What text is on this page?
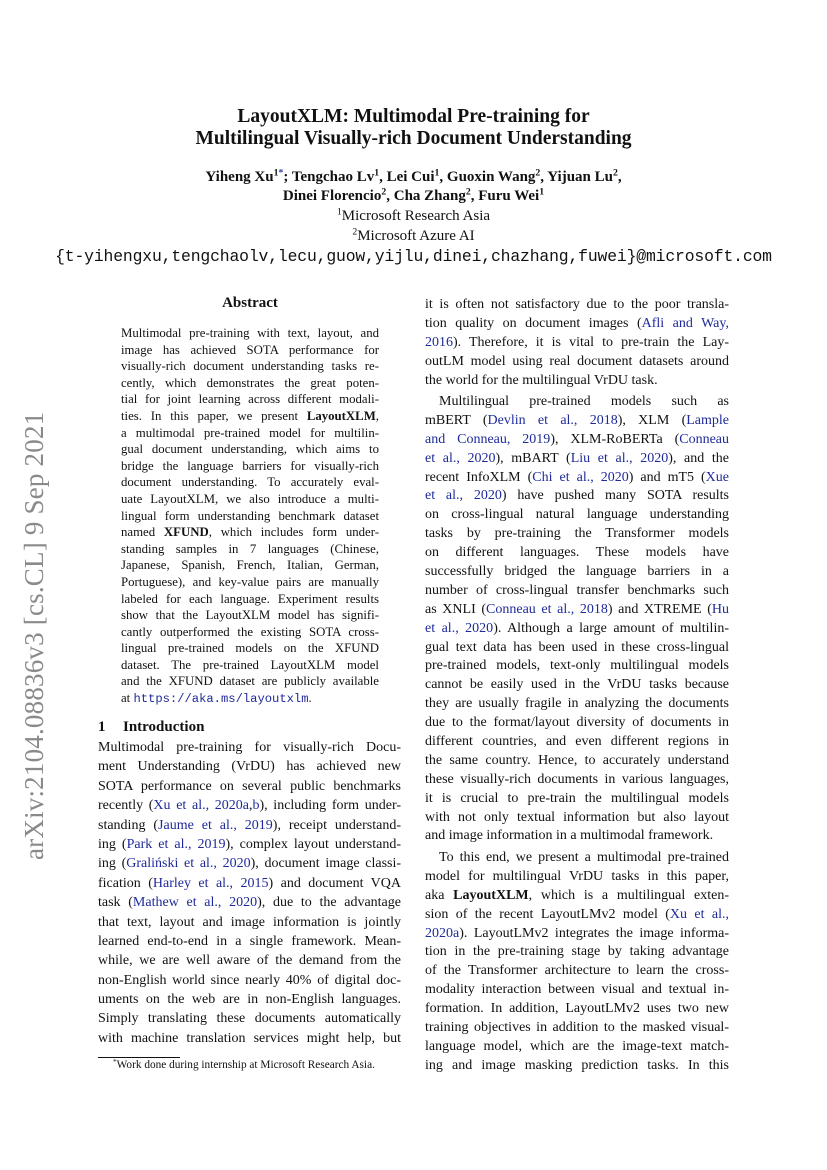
arXiv:2104.08836v3 [cs.CL] 9 Sep 2021
LayoutXLM: Multimodal Pre-training for
Multilingual Visually-rich Document Understanding
Yiheng $Xu^{1*}$; Tengchao Lv$^1$, Lei Cui$^1$, Guoxin Wang$^2$, Yijuan Lu$^2$,
Dinei Florencio$^2$, Cha Zhang$^2$, Furu Wei$^1$
$^1$Microsoft Research Asia
$^2$Microsoft Azure AI
{t-yihengxu,tengchaolv,lecu,guow,yijlu,dinei,chazhang,fuwei}@microsoft.com
Abstract
Multimodal pre-training with text, layout, and
image has achieved SOTA performance for
visually-rich document understanding tasks re-
cently, which demonstrates the great poten-
tial for joint learning across different modali-
ties. In this paper, we present LayoutXLM,
a multimodal pre-trained model for multilin-
gual document understanding, which aims to
bridge the language barriers for visually-rich
document understanding. To accurately eval-
uate LayoutXLM, we also introduce a multi-
lingual form understanding benchmark dataset
named XFUND, which includes form under-
standing samples in 7 languages (Chinese,
Japanese, Spanish, French, Italian, German,
Portuguese), and key-value pairs are manually
labeled for each language. Experiment results
show that the LayoutXLM model has signifi-
cantly outperformed the existing SOTA cross-
lingual pre-trained models on the XFUND
dataset. The pre-trained LayoutXLM model
and the XFUND dataset are publicly available
at https://aka.ms/layoutxlm.
1 Introduction
Multimodal pre-training for visually-rich Docu-
ment Understanding (VrDU) has achieved new
SOTA performance on several public benchmarks
recently (Xu et al., 2020a,b), including form under-
standing (Jaume et al., 2019), receipt understand-
ing (Park et al., 2019), complex layout understand-
ing (Graliński et al., 2020), document image classi-
fication (Harley et al., 2015) and document VQA
task (Mathew et al., 2020), due to the advantage
that text, layout and image information is jointly
learned end-to-end in a single framework. Mean-
while, we are well aware of the demand from the
non-English world since nearly 40% of digital doc-
uments on the web are in non-English languages.
Simply translating these documents automatically
with machine translation services might help, but
it is often not satisfactory due to the poor transla-
tion quality on document images (Afli and Way,
2016). Therefore, it is vital to pre-train the Lay-
outLM model using real document datasets around
the world for the multilingual VrDU task.
Multilingual pre-trained models such as
mBERT (Devlin et al., 2018), XLM (Lample
and Conneau, 2019), XLM-RoBERTa (Conneau
et al., 2020), mBART (Liu et al., 2020), and the
recent InfoXLM (Chi et al., 2020) and mT5 (Xue
et al., 2020) have pushed many SOTA results
on cross-lingual natural language understanding
tasks by pre-training the Transformer models
on different languages. These models have
successfully bridged the language barriers in a
number of cross-lingual transfer benchmarks such
as XNLI (Conneau et al., 2018) and XTREME (Hu
et al., 2020). Although a large amount of multilin-
gual text data has been used in these cross-lingual
pre-trained models, text-only multilingual models
cannot be easily used in the VrDU tasks because
they are usually fragile in analyzing the documents
due to the format/layout diversity of documents in
different countries, and even different regions in
the same country. Hence, to accurately understand
these visually-rich documents in various languages,
it is crucial to pre-train the multilingual models
with not only textual information but also layout
and image information in a multimodal framework.
To this end, we present a multimodal pre-trained
model for multilingual VrDU tasks in this paper,
aka LayoutXLM, which is a multilingual exten-
sion of the recent LayoutLMv2 model (Xu et al.,
2020a). LayoutLMv2 integrates the image informa-
tion in the pre-training stage by taking advantage
of the Transformer architecture to learn the cross-
modality interaction between visual and textual in-
formation. In addition, LayoutLMv2 uses two new
training objectives in addition to the masked visual-
language model, which are the image-text match-
ing and image masking prediction tasks. In this
*Work done during internship at Microsoft Research Asia.
